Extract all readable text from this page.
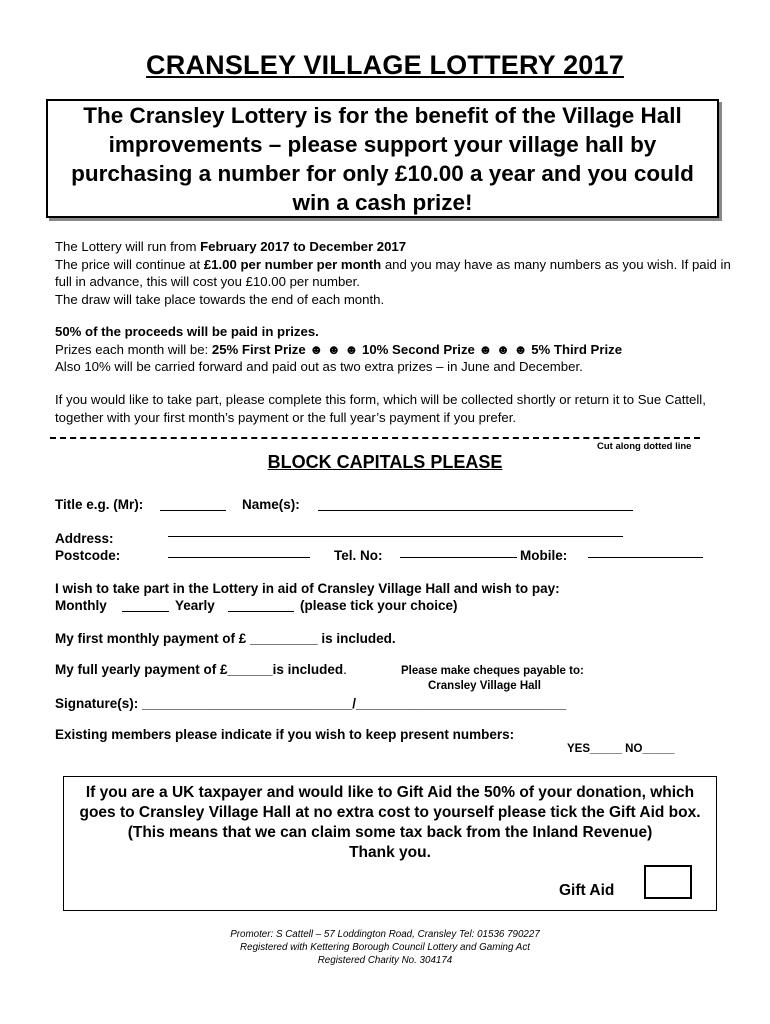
CRANSLEY VILLAGE LOTTERY 2017
The Cransley Lottery is for the benefit of the Village Hall improvements – please support your village hall by purchasing a number for only £10.00 a year and you could win a cash prize!
The Lottery will run from February 2017 to December 2017
The price will continue at £1.00 per number per month and you may have as many numbers as you wish. If paid in full in advance, this will cost you £10.00 per number.
The draw will take place towards the end of each month.
50% of the proceeds will be paid in prizes.
Prizes each month will be: 25% First Prize ☻ ☻ ☻ 10% Second Prize ☻ ☻ ☻ 5% Third Prize
Also 10% will be carried forward and paid out as two extra prizes – in June and December.
If you would like to take part, please complete this form, which will be collected shortly or return it to Sue Cattell, together with your first month’s payment or the full year’s payment if you prefer.
Cut along dotted line
BLOCK CAPITALS PLEASE
Title e.g. (Mr):	Name(s):
Address:
Postcode:	Tel. No:	Mobile:
I wish to take part in the Lottery in aid of Cransley Village Hall and wish to pay:
Monthly	Yearly	(please tick your choice)
My first monthly payment of £ _________ is included.
My full yearly payment of £______is included.	Please make cheques payable to:
Cransley Village Hall
Signature(s): ____________________________/____________________________
Existing members please indicate if you wish to keep present numbers:
YES_____ NO_____
If you are a UK taxpayer and would like to Gift Aid the 50% of your donation, which goes to Cransley Village Hall at no extra cost to yourself please tick the Gift Aid box. (This means that we can claim some tax back from the Inland Revenue)
Thank you.
Gift Aid
Promoter: S Cattell – 57 Loddington Road, Cransley Tel: 01536 790227
Registered with Kettering Borough Council Lottery and Gaming Act
Registered Charity No. 304174
